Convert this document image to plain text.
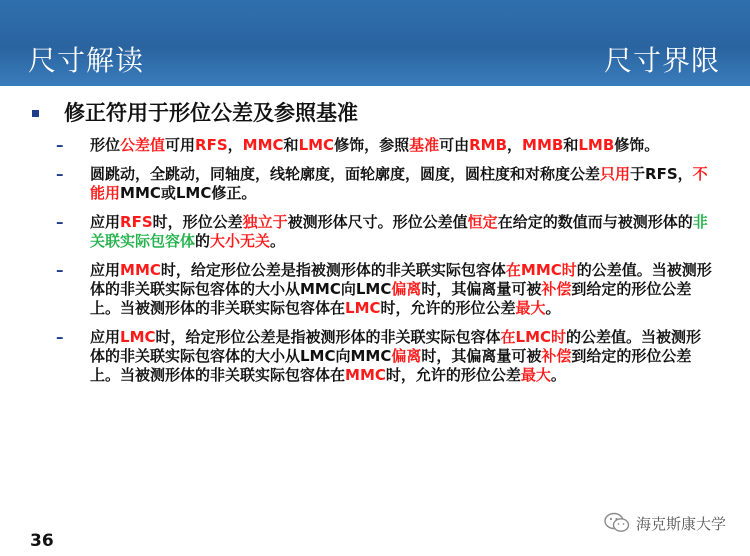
尺寸解读	尺寸界限
修正符用于形位公差及参照基准
– 形位公差值可用RFS，MMC和LMC修饰，参照基准可由RMB，MMB和LMB修饰。
– 圆跳动，全跳动，同轴度，线轮廓度，面轮廓度，圆度，圆柱度和对称度公差只用于RFS，不能用MMC或LMC修正。
– 应用RFS时，形位公差独立于被测形体尺寸。形位公差值恒定在给定的数值而与被测形体的非关联实际包容体的大小无关。
– 应用MMC时，给定形位公差是指被测形体的非关联实际包容体在MMC时的公差值。当被测形体的非关联实际包容体的大小从MMC向LMC偏离时，其偏离量可被补偿到给定的形位公差上。当被测形体的非关联实际包容体在LMC时，允许的形位公差最大。
– 应用LMC时，给定形位公差是指被测形体的非关联实际包容体在LMC时的公差值。当被测形体的非关联实际包容体的大小从LMC向MMC偏离时，其偏离量可被补偿到给定的形位公差上。当被测形体的非关联实际包容体在MMC时，允许的形位公差最大。
36
海克斯康大学
